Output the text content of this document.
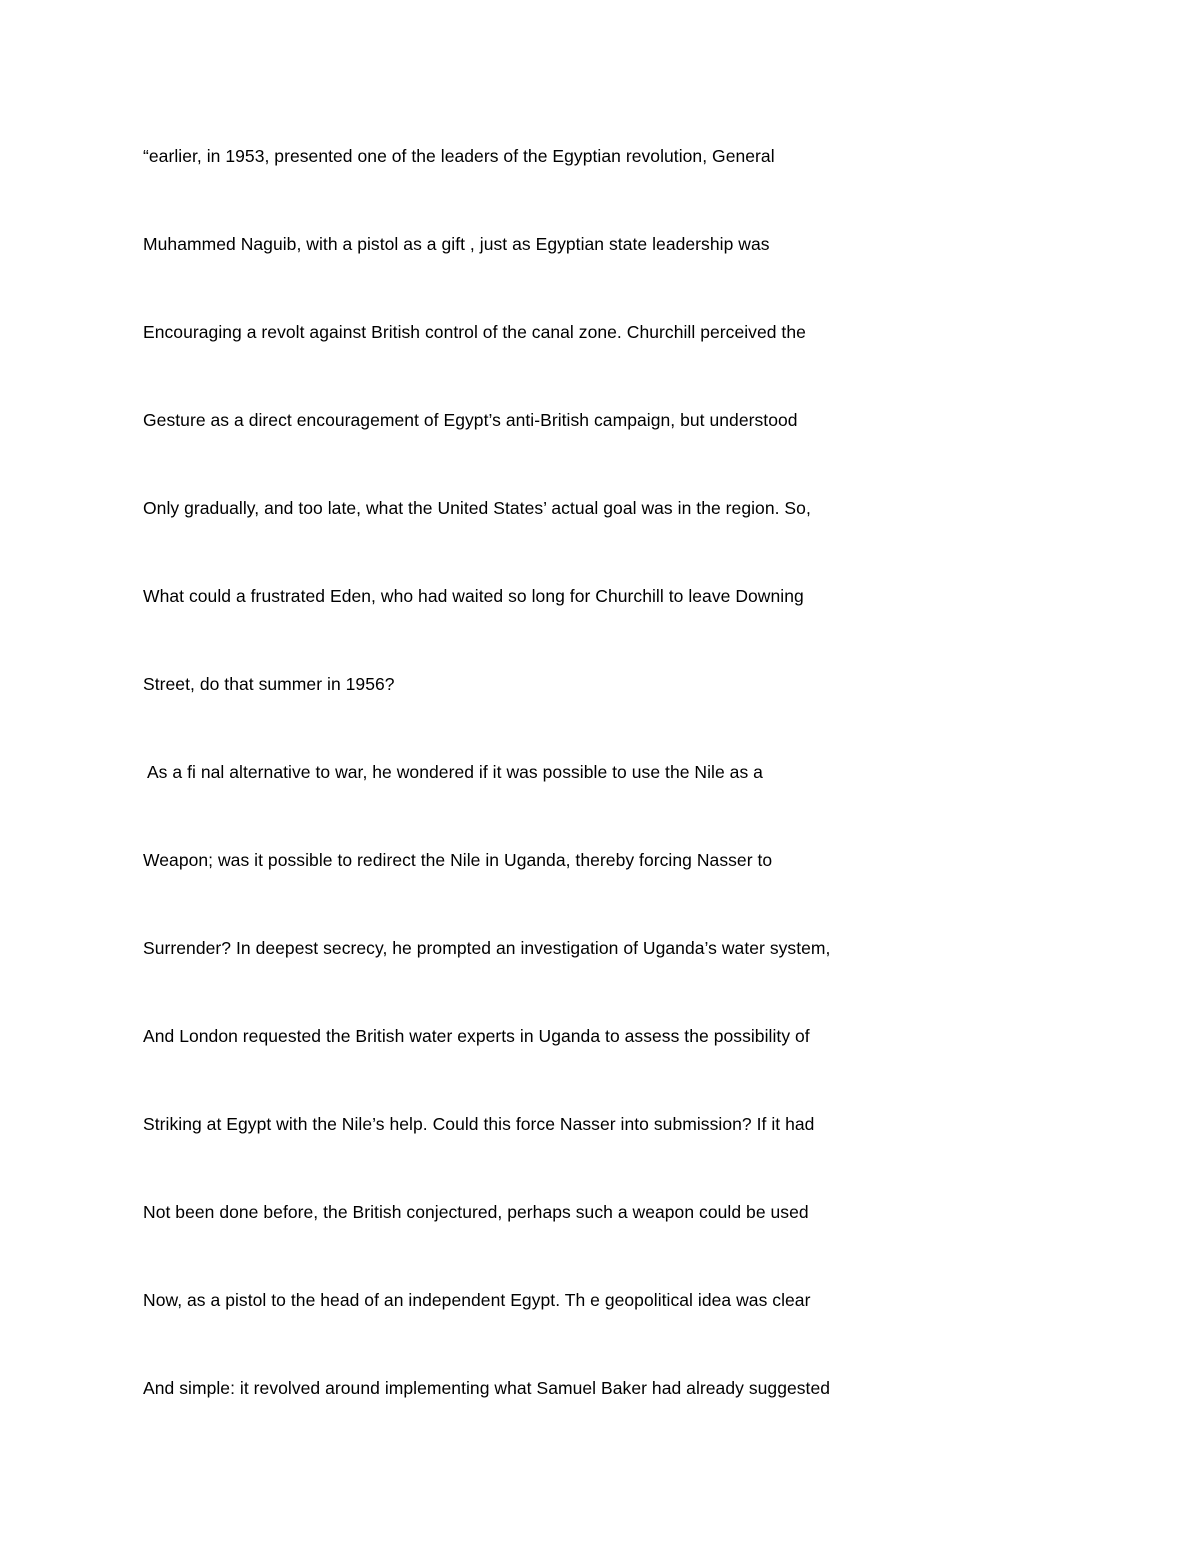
“earlier, in 1953, presented one of the leaders of the Egyptian revolution, General
Muhammed Naguib, with a pistol as a gift , just as Egyptian state leadership was
Encouraging a revolt against British control of the canal zone. Churchill perceived the
Gesture as a direct encouragement of Egypt’s anti-British campaign, but understood
Only gradually, and too late, what the United States’ actual goal was in the region. So,
What could a frustrated Eden, who had waited so long for Churchill to leave Downing
Street, do that summer in 1956?
As a fi nal alternative to war, he wondered if it was possible to use the Nile as a
Weapon; was it possible to redirect the Nile in Uganda, thereby forcing Nasser to
Surrender? In deepest secrecy, he prompted an investigation of Uganda’s water system,
And London requested the British water experts in Uganda to assess the possibility of
Striking at Egypt with the Nile’s help. Could this force Nasser into submission? If it had
Not been done before, the British conjectured, perhaps such a weapon could be used
Now, as a pistol to the head of an independent Egypt. Th e geopolitical idea was clear
And simple: it revolved around implementing what Samuel Baker had already suggested
